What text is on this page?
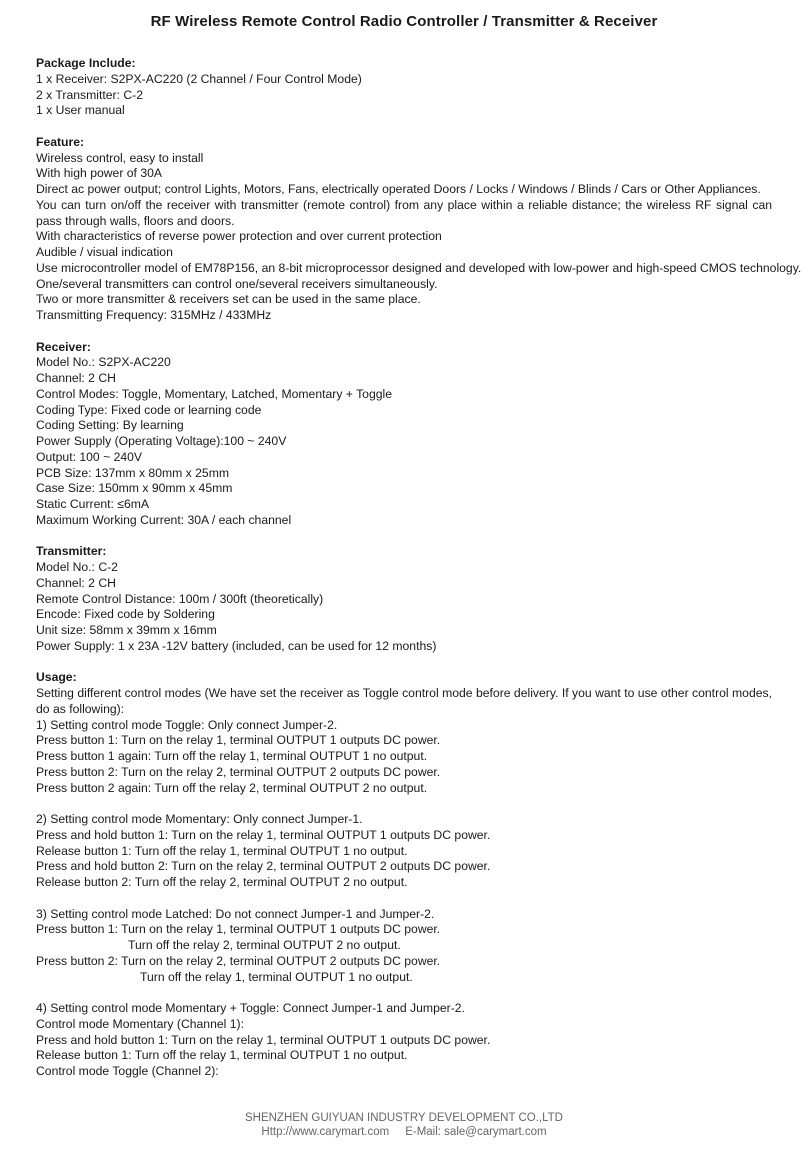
RF Wireless Remote Control Radio Controller / Transmitter & Receiver
Package Include:
1 x Receiver: S2PX-AC220 (2 Channel / Four Control Mode)
2 x Transmitter: C-2
1 x User manual
Feature:
Wireless control, easy to install
With high power of 30A
Direct ac power output; control Lights, Motors, Fans, electrically operated Doors / Locks / Windows / Blinds / Cars or Other Appliances.
You can turn on/off the receiver with transmitter (remote control) from any place within a reliable distance; the wireless RF signal can pass through walls, floors and doors.
With characteristics of reverse power protection and over current protection
Audible / visual indication
Use microcontroller model of EM78P156, an 8-bit microprocessor designed and developed with low-power and high-speed CMOS technology.
One/several transmitters can control one/several receivers simultaneously.
Two or more transmitter & receivers set can be used in the same place.
Transmitting Frequency: 315MHz / 433MHz
Receiver:
Model No.: S2PX-AC220
Channel: 2 CH
Control Modes: Toggle, Momentary, Latched, Momentary + Toggle
Coding Type: Fixed code or learning code
Coding Setting: By learning
Power Supply (Operating Voltage):100 ~ 240V
Output: 100 ~ 240V
PCB Size: 137mm x 80mm x 25mm
Case Size: 150mm x 90mm x 45mm
Static Current: ≤6mA
Maximum Working Current: 30A / each channel
Transmitter:
Model No.: C-2
Channel: 2 CH
Remote Control Distance: 100m / 300ft (theoretically)
Encode: Fixed code by Soldering
Unit size: 58mm x 39mm x 16mm
Power Supply: 1 x 23A -12V battery (included, can be used for 12 months)
Usage:
Setting different control modes (We have set the receiver as Toggle control mode before delivery. If you want to use other control modes, do as following):
1) Setting control mode Toggle: Only connect Jumper-2.
Press button 1: Turn on the relay 1, terminal OUTPUT 1 outputs DC power.
Press button 1 again: Turn off the relay 1, terminal OUTPUT 1 no output.
Press button 2: Turn on the relay 2, terminal OUTPUT 2 outputs DC power.
Press button 2 again: Turn off the relay 2, terminal OUTPUT 2 no output.
2) Setting control mode Momentary: Only connect Jumper-1.
Press and hold button 1: Turn on the relay 1, terminal OUTPUT 1 outputs DC power.
Release button 1: Turn off the relay 1, terminal OUTPUT 1 no output.
Press and hold button 2: Turn on the relay 2, terminal OUTPUT 2 outputs DC power.
Release button 2: Turn off the relay 2, terminal OUTPUT 2 no output.
3) Setting control mode Latched: Do not connect Jumper-1 and Jumper-2.
Press button 1: Turn on the relay 1, terminal OUTPUT 1 outputs DC power.
Turn off the relay 2, terminal OUTPUT 2 no output.
Press button 2: Turn on the relay 2, terminal OUTPUT 2 outputs DC power.
Turn off the relay 1, terminal OUTPUT 1 no output.
4) Setting control mode Momentary + Toggle: Connect Jumper-1 and Jumper-2.
Control mode Momentary (Channel 1):
Press and hold button 1: Turn on the relay 1, terminal OUTPUT 1 outputs DC power.
Release button 1: Turn off the relay 1, terminal OUTPUT 1 no output.
Control mode Toggle (Channel 2):
SHENZHEN GUIYUAN INDUSTRY DEVELOPMENT CO.,LTD
Http://www.carymart.com E-Mail: sale@carymart.com
